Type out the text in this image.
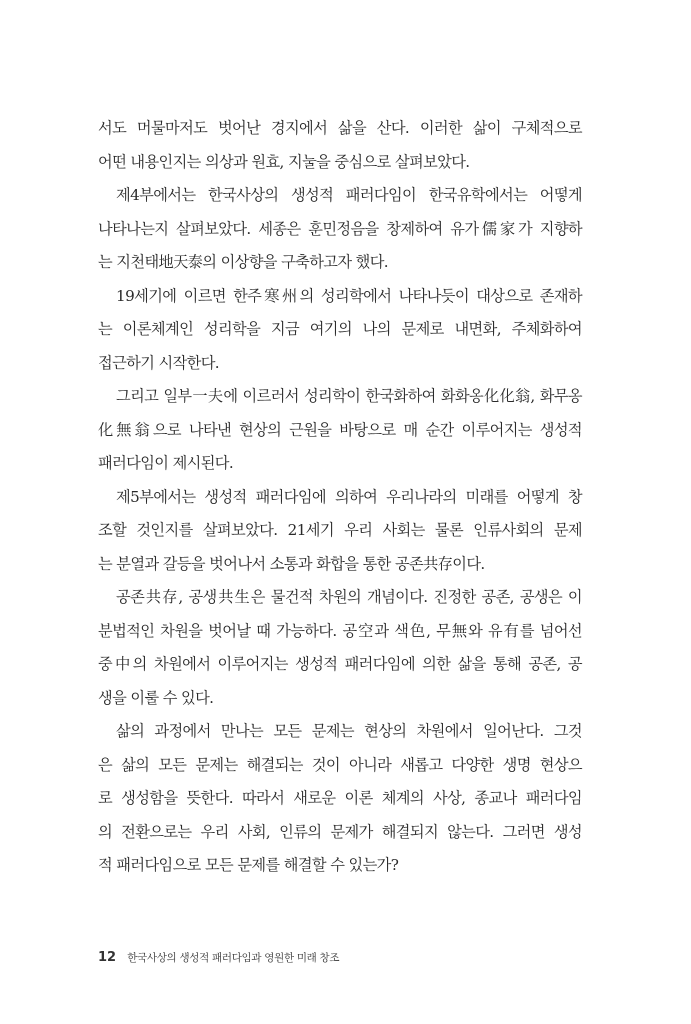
서도 머물마저도 벗어난 경지에서 삶을 산다. 이러한 삶이 구체적으로
어떤 내용인지는 의상과 원효, 지눌을 중심으로 살펴보았다.
제4부에서는 한국사상의 생성적 패러다임이 한국유학에서는 어떻게
나타나는지 살펴보았다. 세종은 훈민정음을 창제하여 유가儒家가 지향하
는 지천태地天泰의 이상향을 구축하고자 했다.
19세기에 이르면 한주寒州의 성리학에서 나타나듯이 대상으로 존재하
는 이론체계인 성리학을 지금 여기의 나의 문제로 내면화, 주체화하여
접근하기 시작한다.
그리고 일부一夫에 이르러서 성리학이 한국화하여 화화옹化化翁, 화무옹
化無翁으로 나타낸 현상의 근원을 바탕으로 매 순간 이루어지는 생성적
패러다임이 제시된다.
제5부에서는 생성적 패러다임에 의하여 우리나라의 미래를 어떻게 창
조할 것인지를 살펴보았다. 21세기 우리 사회는 물론 인류사회의 문제
는 분열과 갈등을 벗어나서 소통과 화합을 통한 공존共存이다.
공존共存, 공생共生은 물건적 차원의 개념이다. 진정한 공존, 공생은 이
분법적인 차원을 벗어날 때 가능하다. 공空과 색色, 무無와 유有를 넘어선
중中의 차원에서 이루어지는 생성적 패러다임에 의한 삶을 통해 공존, 공
생을 이룰 수 있다.
삶의 과정에서 만나는 모든 문제는 현상의 차원에서 일어난다. 그것
은 삶의 모든 문제는 해결되는 것이 아니라 새롭고 다양한 생명 현상으
로 생성함을 뜻한다. 따라서 새로운 이론 체계의 사상, 종교나 패러다임
의 전환으로는 우리 사회, 인류의 문제가 해결되지 않는다. 그러면 생성
적 패러다임으로 모든 문제를 해결할 수 있는가?
12 한국사상의 생성적 패러다임과 영원한 미래 창조
